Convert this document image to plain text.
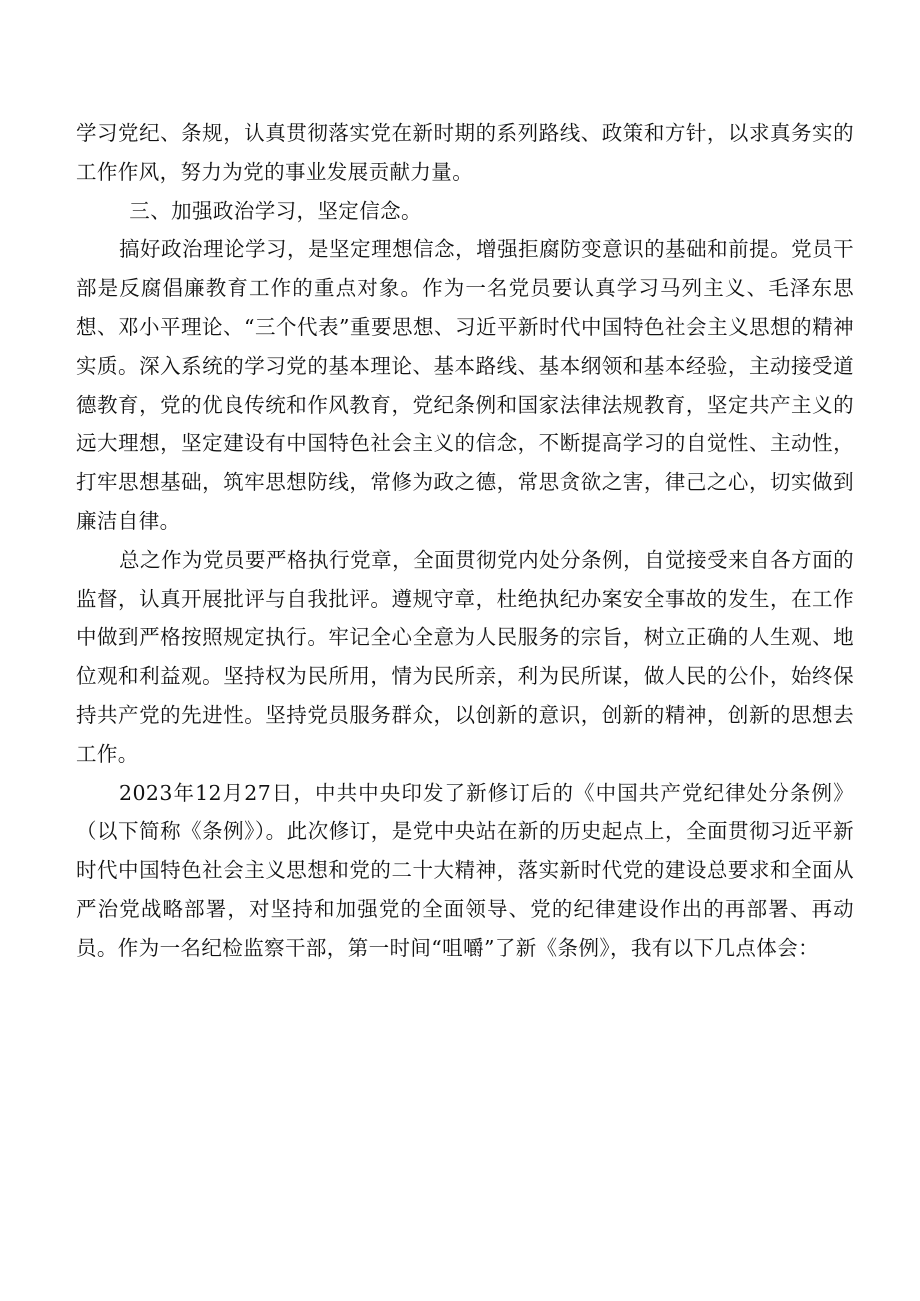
学习党纪、条规，认真贯彻落实党在新时期的系列路线、政策和方针，以求真务实的工作作风，努力为党的事业发展贡献力量。

三、加强政治学习，坚定信念。

搞好政治理论学习，是坚定理想信念，增强拒腐防变意识的基础和前提。党员干部是反腐倡廉教育工作的重点对象。作为一名党员要认真学习马列主义、毛泽东思想、邓小平理论、“三个代表”重要思想、习近平新时代中国特色社会主义思想的精神实质。深入系统的学习党的基本理论、基本路线、基本纲领和基本经验，主动接受道德教育，党的优良传统和作风教育，党纪条例和国家法律法规教育，坚定共产主义的远大理想，坚定建设有中国特色社会主义的信念，不断提高学习的自觉性、主动性，打牢思想基础，筑牢思想防线，常修为政之德，常思贪欲之害，律己之心，切实做到廉洁自律。

总之作为党员要严格执行党章，全面贯彻党内处分条例，自觉接受来自各方面的监督，认真开展批评与自我批评。遵规守章，杜绝执纪办案安全事故的发生，在工作中做到严格按照规定执行。牢记全心全意为人民服务的宗旨，树立正确的人生观、地位观和利益观。坚持权为民所用，情为民所亲，利为民所谋，做人民的公仆，始终保持共产党的先进性。坚持党员服务群众，以创新的意识，创新的精神，创新的思想去工作。

2023年12月27日，中共中央印发了新修订后的《中国共产党纪律处分条例》（以下简称《条例》）。此次修订，是党中央站在新的历史起点上，全面贯彻习近平新时代中国特色社会主义思想和党的二十大精神，落实新时代党的建设总要求和全面从严治党战略部署，对坚持和加强党的全面领导、党的纪律建设作出的再部署、再动员。作为一名纪检监察干部，第一时间“咀嚼”了新《条例》，我有以下几点体会：
